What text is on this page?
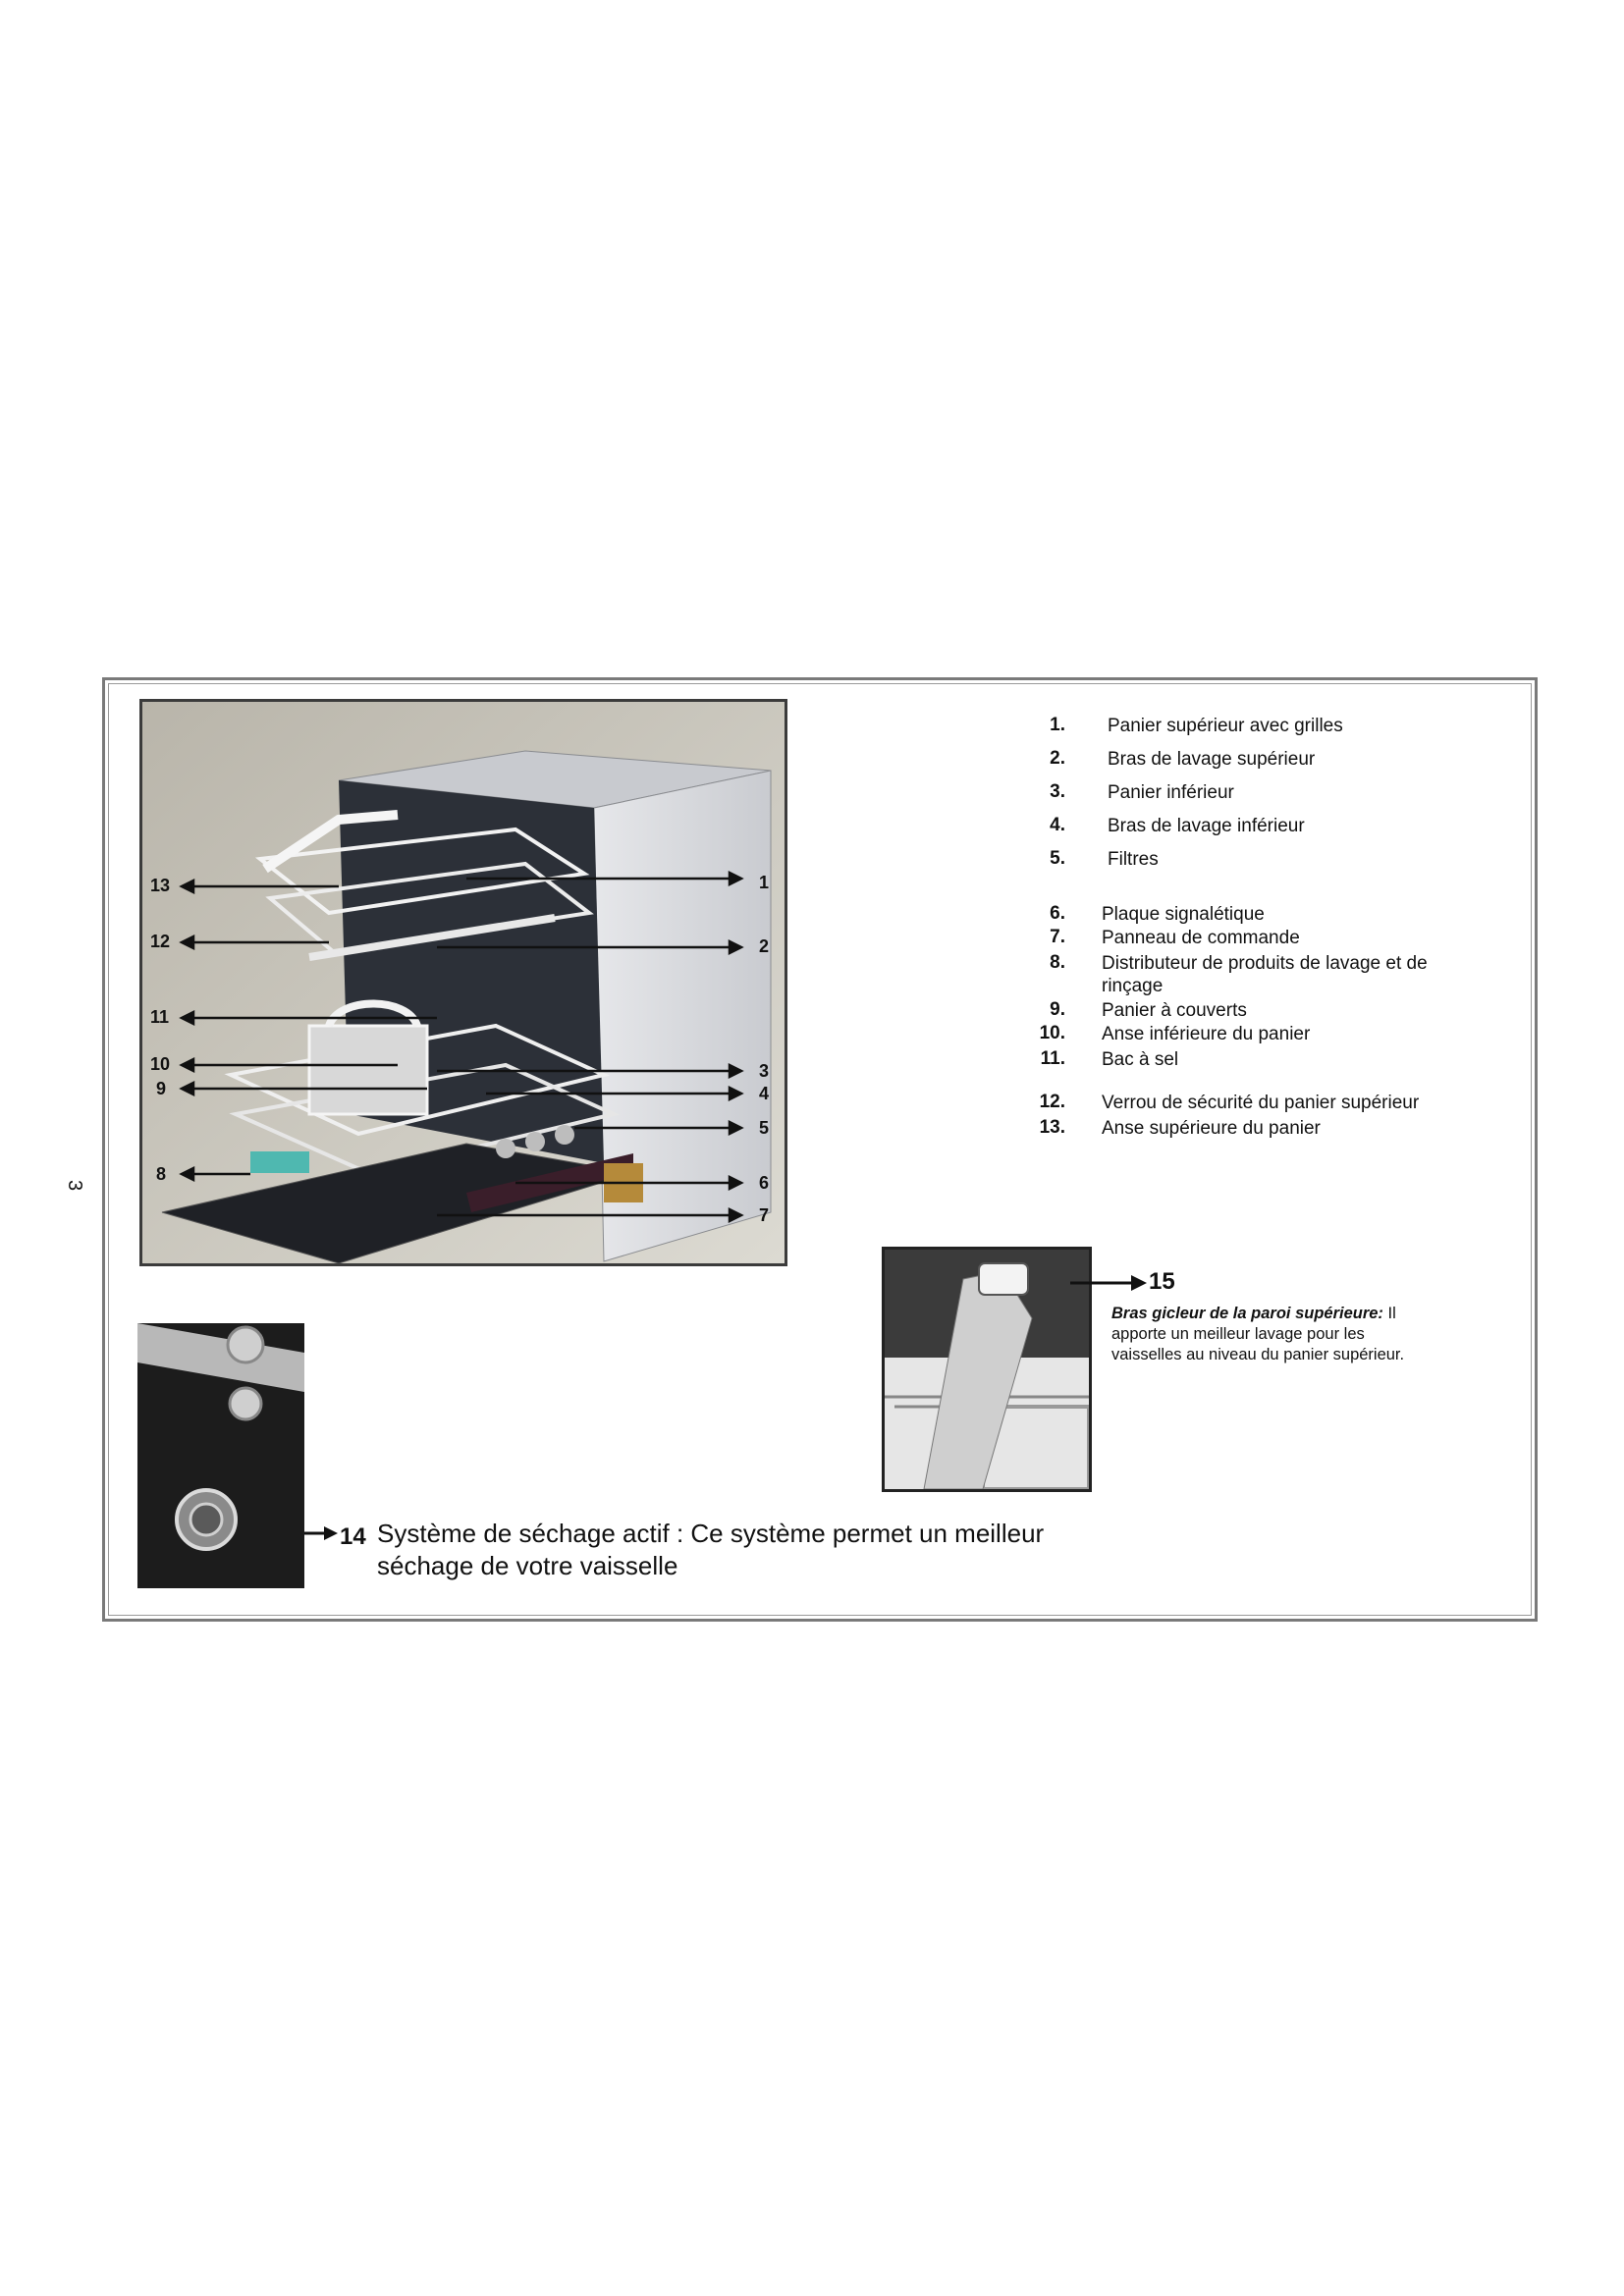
3
1
2
3
4
5
6
7
8
9
10
11
12
13
1. Panier supérieur avec grilles
2. Bras de lavage supérieur
3. Panier inférieur
4. Bras de lavage inférieur
5. Filtres
6. Plaque signalétique
7. Panneau de commande
8. Distributeur de produits de lavage et de rinçage
9. Panier à couverts
10. Anse inférieure du panier
11. Bac à sel
12. Verrou de sécurité du panier supérieur
13. Anse supérieure du panier
15
Bras gicleur de la paroi supérieure: Il apporte un meilleur lavage pour les vaisselles au niveau du panier supérieur.
14 Système de séchage actif : Ce système permet un meilleur séchage de votre vaisselle
